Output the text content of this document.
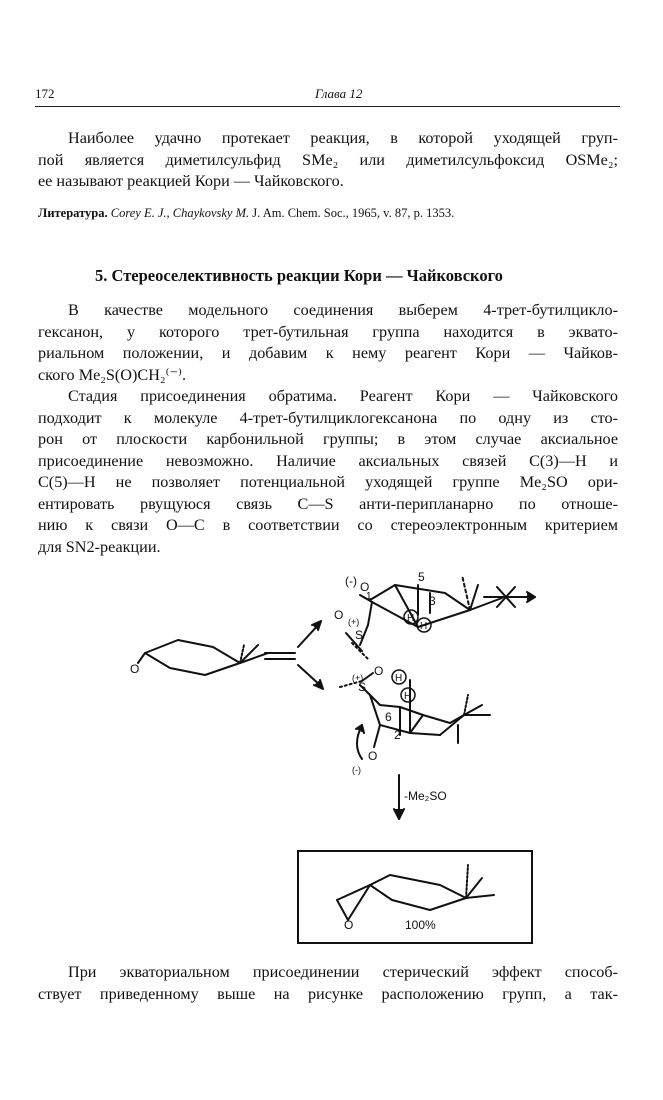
172	Глава 12
Наиболее удачно протекает реакция, в которой уходящей груп-
пой является диметилсульфид SMe₂ или диметилсульфоксид OSMe₂;
ее называют реакцией Кори — Чайковского.
Литература. Corey E. J., Chaykovsky M. J. Am. Chem. Soc., 1965, v. 87, p. 1353.
5. Стереоселективность реакции Кори — Чайковского
В качестве модельного соединения выберем 4-трет-бутилцикло-
гексанон, у которого трет-бутильная группа находится в эквато-
риальном положении, и добавим к нему реагент Кори — Чайков-
ского Me₂S(O)CH₂⁽⁻⁾.
Стадия присоединения обратима. Реагент Кори — Чайковского
подходит к молекуле 4-трет-бутилциклогексанона по одну из сто-
рон от плоскости карбонильной группы; в этом случае аксиальное
присоединение невозможно. Наличие аксиальных связей C(3)—H и
C(5)—H не позволяет потенциальной уходящей группе Me₂SO ори-
ентировать рвущуюся связь C—S анти-перипланарно по отноше-
нию к связи O—C в соответствии со стереоэлектронным критерием
для SN2-реакции.
(-) O
1	3
5
(+)
S
O	H
H
O
(+)
S
O
6
2
O
(-)
H
H
-Me₂SO
O	100%
При экваториальном присоединении стерический эффект способ-
ствует приведенному выше на рисунке расположению групп, а так-
